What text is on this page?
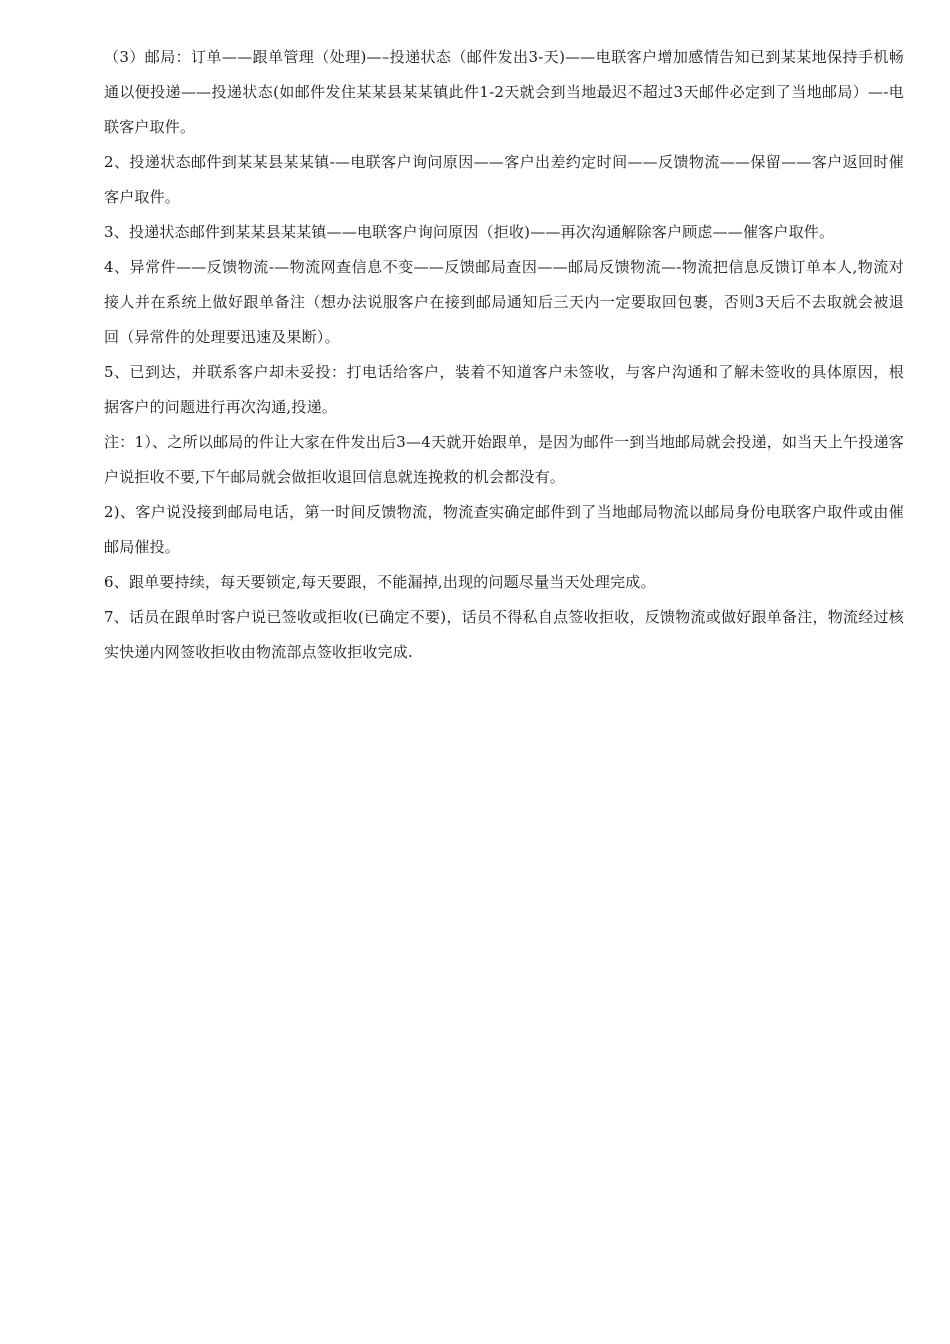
（3）邮局：订单——跟单管理（处理)—–投递状态（邮件发出3-天)——电联客户增加感情告知已到某某地保持手机畅通以便投递——投递状态(如邮件发住某某县某某镇此件1-2天就会到当地最迟不超过3天邮件必定到了当地邮局）—-电联客户取件。

2、投递状态邮件到某某县某某镇-—电联客户询问原因——客户出差约定时间——反馈物流——保留——客户返回时催客户取件。

3、投递状态邮件到某某县某某镇——电联客户询问原因（拒收)——再次沟通解除客户顾虑——催客户取件。

4、异常件——反馈物流-—物流网查信息不变——反馈邮局查因——邮局反馈物流—-物流把信息反馈订单本人,物流对接人并在系统上做好跟单备注（想办法说服客户在接到邮局通知后三天内一定要取回包裹，否则3天后不去取就会被退回（异常件的处理要迅速及果断）。

5、已到达，并联系客户却未妥投：打电话给客户，装着不知道客户未签收，与客户沟通和了解未签收的具体原因，根据客户的问题进行再次沟通,投递。

注：1）、之所以邮局的件让大家在件发出后3—4天就开始跟单，是因为邮件一到当地邮局就会投递，如当天上午投递客户说拒收不要,下午邮局就会做拒收退回信息就连挽救的机会都没有。

2)、客户说没接到邮局电话，第一时间反馈物流，物流查实确定邮件到了当地邮局物流以邮局身份电联客户取件或由催邮局催投。

6、跟单要持续，每天要锁定,每天要跟，不能漏掉,出现的问题尽量当天处理完成。

7、话员在跟单时客户说已签收或拒收(已确定不要)，话员不得私自点签收拒收，反馈物流或做好跟单备注，物流经过核实快递内网签收拒收由物流部点签收拒收完成.
